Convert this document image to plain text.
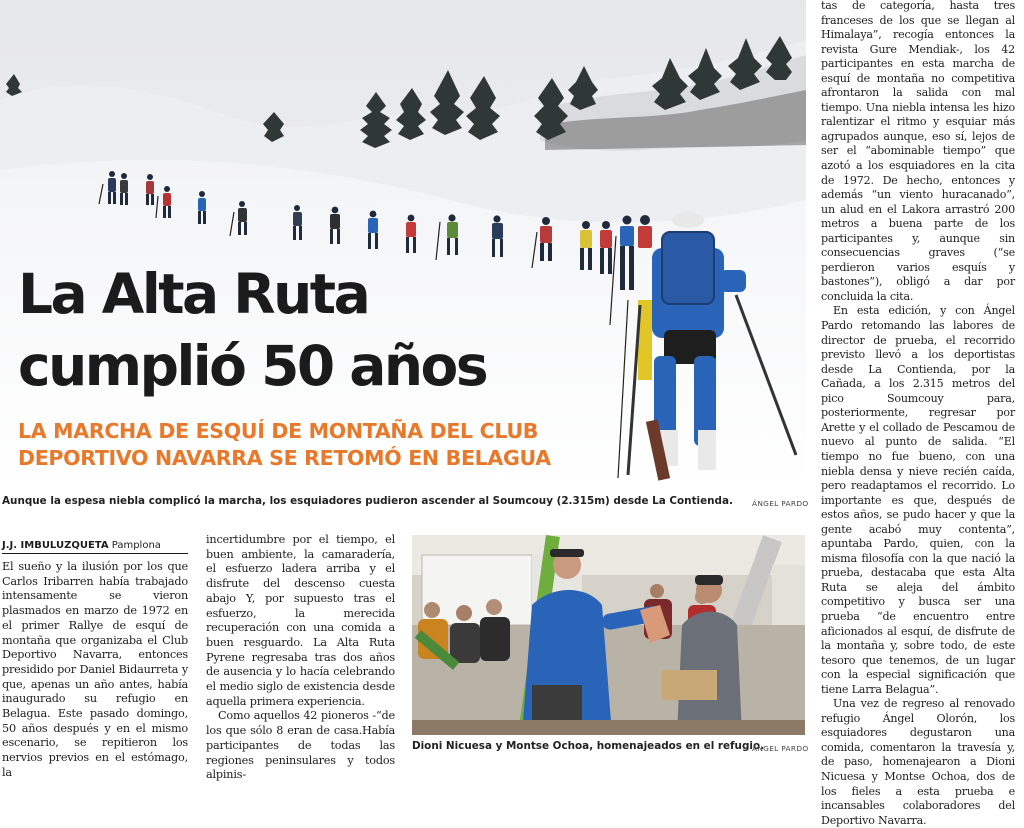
La Alta Ruta
cumplió 50 años
LA MARCHA DE ESQUÍ DE MONTAÑA DEL CLUB
DEPORTIVO NAVARRA SE RETOMÓ EN BELAGUA
Aunque la espesa niebla complicó la marcha, los esquiadores pudieron ascender al Soumcouy (2.315m) desde La Contienda.	ÁNGEL PARDO
J.J. IMBULUZQUETA Pamplona

El sueño y la ilusión por los que Carlos Iribarren había trabajado intensamente se vieron plasmados en marzo de 1972 en el primer Rallye de esquí de montaña que organizaba el Club Deportivo Navarra, entonces presidido por Daniel Bidaurreta y que, apenas un año antes, había inaugurado su refugio en Belagua. Este pasado domingo, 50 años después y en el mismo escenario, se repitieron los nervios previos en el estómago, la

incertidumbre por el tiempo, el buen ambiente, la camaradería, el esfuerzo ladera arriba y el disfrute del descenso cuesta abajo Y, por supuesto tras el esfuerzo, la merecida recuperación con una comida a buen resguardo. La Alta Ruta Pyrene regresaba tras dos años de ausencia y lo hacía celebrando el medio siglo de existencia desde aquella primera experiencia.

Como aquellos 42 pioneros -“de los que sólo 8 eran de casa.Había participantes de todas las regiones peninsulares y todos alpinis-

Dioni Nicuesa y Montse Ochoa, homenajeados en el refugio.
ÁNGEL PARDO

tas de categoría, hasta tres franceses de los que se llegan al Himalaya”, recogía entonces la revista Gure Mendiak-, los 42 participantes en esta marcha de esquí de montaña no competitiva afrontaron la salida con mal tiempo. Una niebla intensa les hizo ralentizar el ritmo y esquiar más agrupados aunque, eso sí, lejos de ser el “abominable tiempo” que azotó a los esquiadores en la cita de 1972. De hecho, entonces y además “un viento huracanado”, un alud en el Lakora arrastró 200 metros a buena parte de los participantes y, aunque sin consecuencias graves (“se perdieron varios esquís y bastones”), obligó a dar por concluida la cita.

En esta edición, y con Ángel Pardo retomando las labores de director de prueba, el recorrido previsto llevó a los deportistas desde La Contienda, por la Cañada, a los 2.315 metros del pico Soumcouy para, posteriormente, regresar por Arette y el collado de Pescamou de nuevo al punto de salida. “El tiempo no fue bueno, con una niebla densa y nieve recién caída, pero readaptamos el recorrido. Lo importante es que, después de estos años, se pudo hacer y que la gente acabó muy contenta”, apuntaba Pardo, quien, con la misma filosofía con la que nació la prueba, destacaba que esta Alta Ruta se aleja del ámbito competitivo y busca ser una prueba “de encuentro entre aficionados al esquí, de disfrute de la montaña y, sobre todo, de este tesoro que tenemos, de un lugar con la especial significación que tiene Larra Belagua”.

Una vez de regreso al renovado refugio Ángel Olorón, los esquiadores degustaron una comida, comentaron la travesía y, de paso, homenajearon a Dioni Nicuesa y Montse Ochoa, dos de los fieles a esta prueba e incansables colaboradores del Deportivo Navarra.
